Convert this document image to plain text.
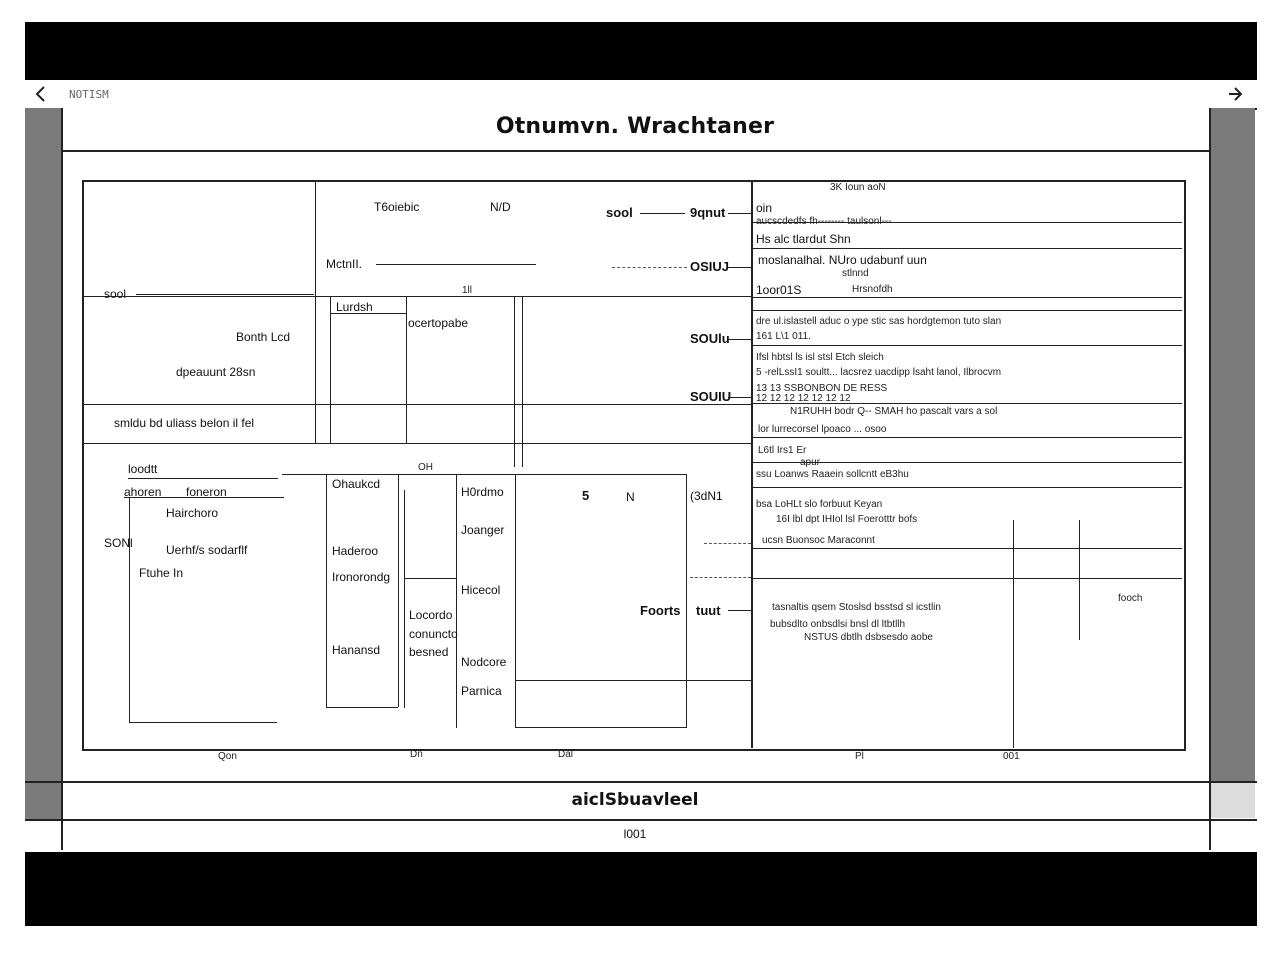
NOTISM
Otnumvn. Wrachtaner
T6oiebic	N/D	sool	9qnut
MctnII.	OSIUJ
sool	1ll
Lurdsh
ocertopabe
Bonth Lcd	SOUlu
dpeauunt 28sn
SOUIU
smldu bd uliass belon il fel
loodtt	OH
ahoren foneron
Hairchoro
SONl	Uerhf/s sodarflf
Ftuhe In
Ohaukcd
Haderoo
Ironorondg
Hanansd
Locordo
conuncto
besned
H0rdmo
Joanger
Hicecol
Nodcore
Parnica
5	N	(3dN1
Foorts tuut
Qon	Dn	Dal
3K Ioun aoN
oin
aucscdedfs fh-------- taulsonl---
Hs alc tlardut Shn
moslanalhal. NUro udabunf uun
stlnnd
1oor01S	Hrsnofdh
dre ul.islastell aduc o ype stic sas hordgtemon tuto slan
161 L\1 011.
Ifsl hbtsl ls isl stsl Etch sleich
5 -relLssI1 soultt... lacsrez uacdipp lsaht lanol, Ilbrocvm
13 13 SSBONBON DE RESS
12 12 12 12 12 12 12
N1RUHH bodr Q-- SMAH ho pascalt vars a sol
lor lurrecorsel lpoaco ... osoo
L6tl Irs1 Er
apur
ssu Loanws Raaein sollcntt eB3hu
bsa LoHLt slo forbuut Keyan
16I lbl dpt IHIol lsl Foerotttr bofs
ucsn Buonsoc Maraconnt
fooch
tasnaltis qsem Stoslsd bsstsd sl icstlin
bubsdlto onbsdlsi bnsl dl ltbtllh
NSTUS dbtlh dsbsesdo aobe
Pl	001
aiclSbuavleel
l001
